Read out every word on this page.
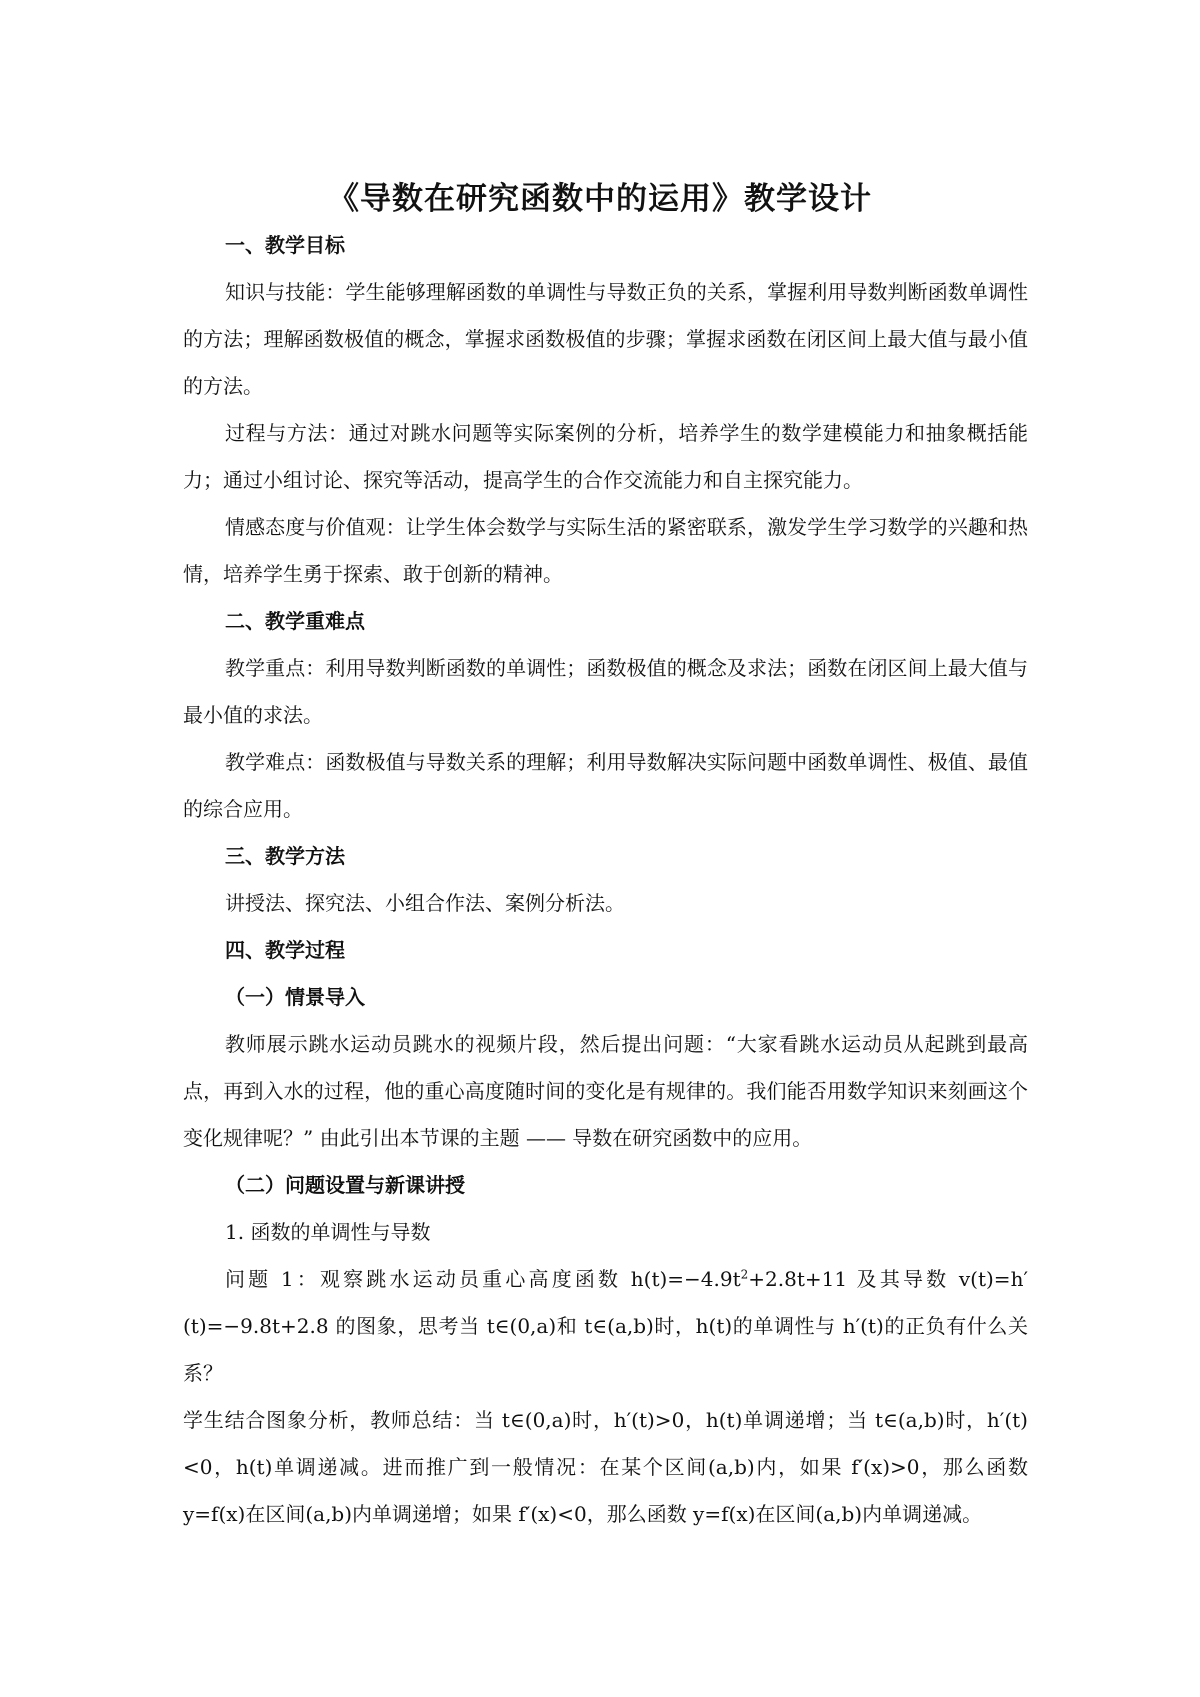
《导数在研究函数中的运用》教学设计

一、教学目标

知识与技能：学生能够理解函数的单调性与导数正负的关系，掌握利用导数判断函数单调性的方法；理解函数极值的概念，掌握求函数极值的步骤；掌握求函数在闭区间上最大值与最小值的方法。

过程与方法：通过对跳水问题等实际案例的分析，培养学生的数学建模能力和抽象概括能力；通过小组讨论、探究等活动，提高学生的合作交流能力和自主探究能力。

情感态度与价值观：让学生体会数学与实际生活的紧密联系，激发学生学习数学的兴趣和热情，培养学生勇于探索、敢于创新的精神。

二、教学重难点

教学重点：利用导数判断函数的单调性；函数极值的概念及求法；函数在闭区间上最大值与最小值的求法。

教学难点：函数极值与导数关系的理解；利用导数解决实际问题中函数单调性、极值、最值的综合应用。

三、教学方法

讲授法、探究法、小组合作法、案例分析法。

四、教学过程

（一）情景导入

教师展示跳水运动员跳水的视频片段，然后提出问题：“大家看跳水运动员从起跳到最高点，再到入水的过程，他的重心高度随时间的变化是有规律的。我们能否用数学知识来刻画这个变化规律呢？” 由此引出本节课的主题 —— 导数在研究函数中的应用。

（二）问题设置与新课讲授

1. 函数的单调性与导数

问题 1：观察跳水运动员重心高度函数 $h(t)=-4.9t^2+2.8t+11$ 及其导数 v(t)=h′(t)=−9.8t+2.8 的图象，思考当 t∈(0,a)和 t∈(a,b)时，h(t)的单调性与 h′(t)的正负有什么关系？

学生结合图象分析，教师总结：当 t∈(0,a)时，h′(t)>0，h(t)单调递增；当 t∈(a,b)时，h′(t)<0，h(t)单调递减。进而推广到一般情况：在某个区间(a,b)内，如果 f′(x)>0，那么函数 y=f(x)在区间(a,b)内单调递增；如果 f′(x)<0，那么函数 y=f(x)在区间(a,b)内单调递减。
